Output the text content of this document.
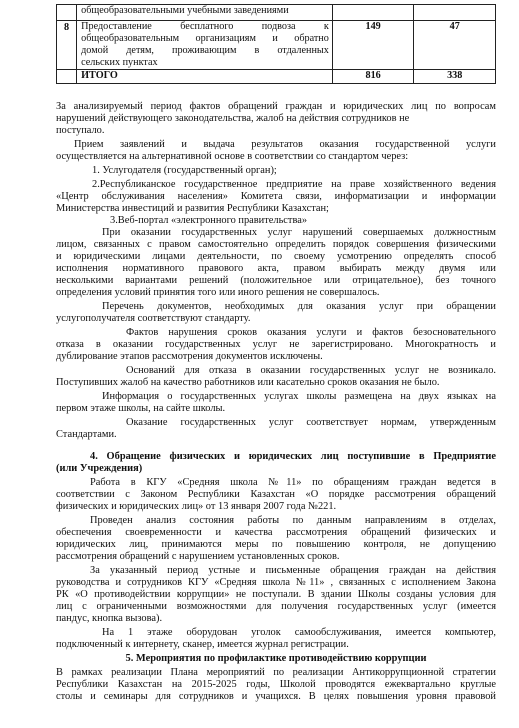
	общеобразовательными учебными заведениями		
8	Предоставление бесплатного подвоза к
общеобразовательным организациям и обратно
домой детям, проживающим в отдаленных
сельских пунктах	149	47
	ИТОГО	816	338
За анализируемый период фактов обращений граждан и юридических лиц по вопросам
нарушений действующего законодательства, жалоб на действия сотрудников не
поступало.
Прием заявлений и выдача результатов оказания государственной услуги
осуществляется на альтернативной основе в соответствии со стандартом через:
1. Услугодателя (государственный орган);
2.Республиканское государственное предприятие на праве хозяйственного ведения
«Центр обслуживания населения» Комитета связи, информатизации и информации
Министерства инвестиций и развития Республики Казахстан;
3.Веб-портал «электронного правительства»
При оказании государственных услуг нарушений совершаемых должностным
лицом, связанных с правом самостоятельно определить порядок совершения физическими
и юридическими лицами деятельности, по своему усмотрению определять способ
исполнения нормативного правового акта, правом выбирать между двумя или
несколькими вариантами решений (положительное или отрицательное), без точного
определения условий принятия того или иного решения не совершалось.
Перечень документов, необходимых для оказания услуг при обращении
услугополучателя соответствуют стандарту.
Фактов нарушения сроков оказания услуги и фактов безосновательного
отказа в оказании государственных услуг не зарегистрировано. Многократность и
дублирование этапов рассмотрения документов исключены.
Оснований для отказа в оказании государственных услуг не возникало.
Поступивших жалоб на качество работников или касательно сроков оказания не было.
Информация о государственных услугах школы размещена на двух языках на
первом этаже школы, на сайте школы.
Оказание государственных услуг соответствует нормам, утвержденным
Стандартами.
4. Обращение физических и юридических лиц поступившие в Предприятие
(или Учреждения)
Работа в КГУ «Средняя школа №11» по обращениям граждан ведется в
соответствии с Законом Республики Казахстан «О порядке рассмотрения обращений
физических и юридических лиц» от 13 января 2007 года №221.
Проведен анализ состояния работы по данным направлениям в отделах,
обеспечения своевременности и качества рассмотрения обращений физических и
юридических лиц, принимаются меры по повышению контроля, не допущению
рассмотрения обращений с нарушением установленных сроков.
За указанный период устные и письменные обращения граждан на действия
руководства и сотрудников КГУ «Средняя школа №11» , связанных с исполнением Закона
РК «О противодействии коррупции» не поступали. В здании Школы созданы условия для
лиц с ограниченными возможностями для получения государственных услуг (имеется
пандус, кнопка вызова).
На 1 этаже оборудован уголок самообслуживания, имеется компьютер,
подключенный к интернету, сканер, имеется журнал регистрации.
5. Мероприятия по профилактике противодействию коррупции
В рамках реализации Плана мероприятий по реализации Антикоррупционной стратегии
Республики Казахстан на 2015-2025 годы, Школой проводятся ежеквартально круглые
столы и семинары для сотрудников и учащихся. В целях повышения уровня правовой
